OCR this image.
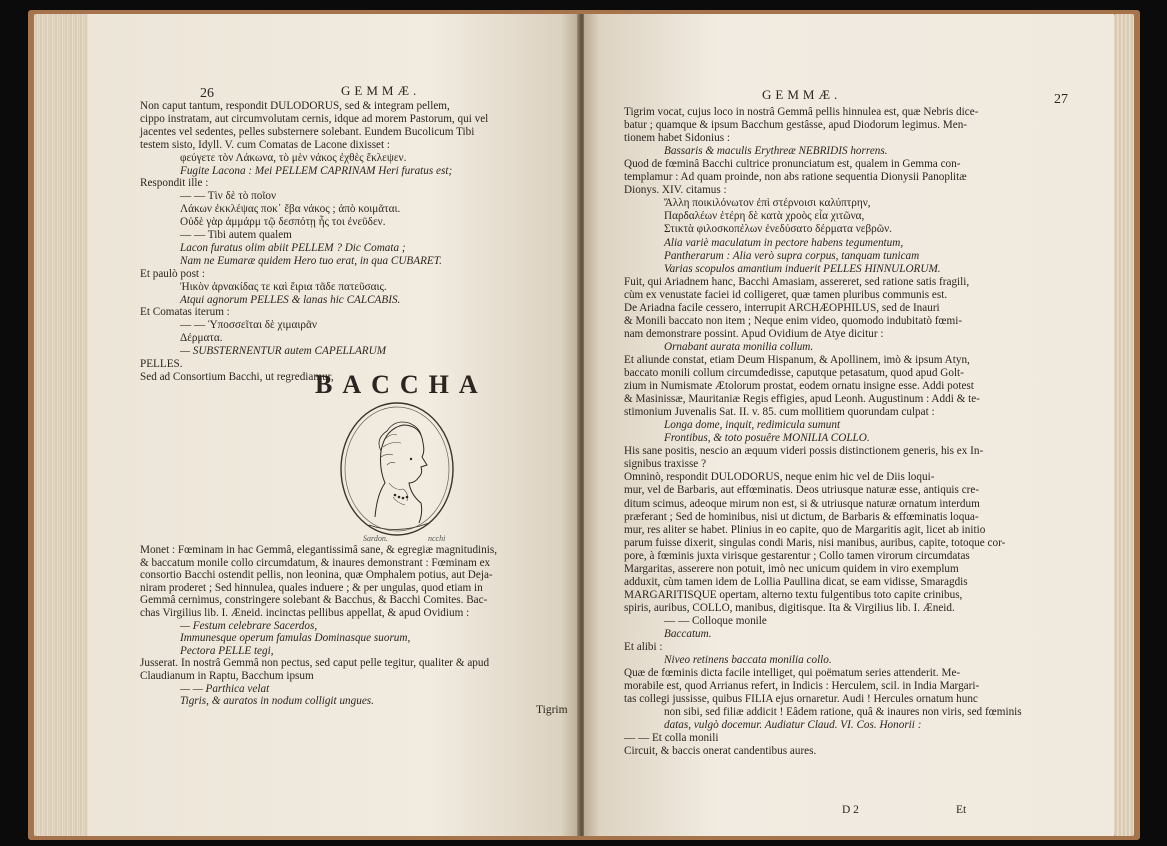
26	GEMMÆ.
Non caput tantum, respondit DULODORUS, sed & integram pellem,
cippo instratam, aut circumvolutam cernis, idque ad morem Pastorum, qui vel
jacentes vel sedentes, pelles substernere solebant. Eundem Bucolicum Tibi
testem sisto, Idyll. V. cum Comatas de Lacone dixisset :
φεύγετε τὸν Λάκωνα, τὸ μὲν νάκος ἐχθὲς ἔκλεψεν.
Fugite Lacona : Mei PELLEM CAPRINAM Heri furatus est;
Respondit ille :
— — Τὶν δὲ τὸ ποῖον
Λάκων ἐκκλέψας ποκ᾽ ἔβα νάκος ; ἀπὸ κοιμᾶται.
Οὐδὲ γὰρ ἀμμάρμ τῷ δεσπότῃ ἦς τοι ἐνεῦδεν.
— — Tibi autem qualem
Lacon furatus olim abiit PELLEM ? Dic Comata ;
Nam ne Eumaræ quidem Hero tuo erat, in qua CUBARET.
Et paulò post :
Ἠικὸν ἀρνακίδας τε καὶ ἔιρια τᾶδε πατεῦσαις.
Atqui agnorum PELLES & lanas hic CALCABIS.
Et Comatas iterum :
— — Ὑποσσεῖται δὲ χιμαιρᾶν
Δέρματα.
— SUBSTERNENTUR autem CAPELLARUM
PELLES.
Sed ad Consortium Bacchi, ut regrediamur,
BACCHA
Sardon.	ncchi
Monet : Fœminam in hac Gemmâ, elegantissimâ sane, & egregiæ magnitudinis,
& baccatum monile collo circumdatum, & inaures demonstrant : Fœminam ex
consortio Bacchi ostendit pellis, non leonina, quæ Omphalem potius, aut Deja-
niram proderet ; Sed hinnulea, quales induere ; & per ungulas, quod etiam in
Gemmâ cernimus, constringere solebant & Bacchus, & Bacchi Comites. Bac-
chas Virgilius lib. I. Æneid. incinctas pellibus appellat, & apud Ovidium :
— Festum celebrare Sacerdos,
Immunesque operum famulas Dominasque suorum,
Pectora PELLE tegi,
Jusserat. In nostrâ Gemmâ non pectus, sed caput pelle tegitur, qualiter & apud
Claudianum in Raptu, Bacchum ipsum
— — Parthica velat
Tigris, & auratos in nodum colligit ungues.
Tigrim
GEMMÆ.	27
Tigrim vocat, cujus loco in nostrâ Gemmâ pellis hinnulea est, quæ Nebris dice-
batur ; quamque & ipsum Bacchum gestâsse, apud Diodorum legimus. Men-
tionem habet Sidonius :
Bassaris & maculis Erythreæ NEBRIDIS horrens.
Quod de fœminâ Bacchi cultrice pronunciatum est, qualem in Gemma con-
templamur : Ad quam proinde, non abs ratione sequentia Dionysii Panoplitæ
Dionys. XIV. citamus :
Ἄλλη ποικιλόνωτον ἐπὶ στέρνοισι καλύπτρην,
Παρδαλέων ἑτέρη δὲ κατὰ χροὸς εἷα χιτῶνα,
Στικτὰ φιλοσκοπέλων ἐνεδύσατο δέρματα νεβρῶν.
Alia variè maculatum in pectore habens tegumentum,
Pantherarum : Alia verò supra corpus, tanquam tunicam
Varias scopulos amantium induerit PELLES HINNULORUM.
Fuit, qui Ariadnem hanc, Bacchi Amasiam, assereret, sed ratione satis fragili,
cùm ex venustate faciei id colligeret, quæ tamen pluribus communis est.
De Ariadna facile cessero, interrupit ARCHÆOPHILUS, sed de Inauri
& Monili baccato non item ; Neque enim video, quomodo indubitatò fœmi-
nam demonstrare possint. Apud Ovidium de Atye dicitur :
Ornabant aurata monilia collum.
Et aliunde constat, etiam Deum Hispanum, & Apollinem, imò & ipsum Atyn,
baccato monili collum circumdedisse, caputque petasatum, quod apud Golt-
zium in Numismate Ætolorum prostat, eodem ornatu insigne esse. Addi potest
& Masinissæ, Mauritaniæ Regis effigies, apud Leonh. Augustinum : Addi & te-
stimonium Juvenalis Sat. II. v. 85. cum mollitiem quorundam culpat :
Longa dome, inquit, redimicula sumunt
Frontibus, & toto posuêre MONILIA COLLO.
His sane positis, nescio an æquum videri possis distinctionem generis, his ex In-
signibus traxisse ?
Omninò, respondit DULODORUS, neque enim hic vel de Diis loqui-
mur, vel de Barbaris, aut effœminatis. Deos utriusque naturæ esse, antiquis cre-
ditum scimus, adeoque mirum non est, si & utriusque naturæ ornatum interdum
præferant ; Sed de hominibus, nisi ut dictum, de Barbaris & effœminatis loqua-
mur, res aliter se habet. Plinius in eo capite, quo de Margaritis agit, licet ab initio
parum fuisse dixerit, singulas condi Maris, nisi manibus, auribus, capite, totoque cor-
pore, à fœminis juxta virisque gestarentur ; Collo tamen virorum circumdatas
Margaritas, asserere non potuit, imò nec unicum quidem in viro exemplum
adduxit, cùm tamen idem de Lollia Paullina dicat, se eam vidisse, Smaragdis
MARGARITISQUE opertam, alterno textu fulgentibus toto capite crinibus,
spiris, auribus, COLLO, manibus, digitisque. Ita & Virgilius lib. I. Æneid.
— — Colloque monile
Baccatum.
Et alibi :
Niveo retinens baccata monilia collo.
Quæ de fœminis dicta facile intelliget, qui poëmatum series attenderit. Me-
morabile est, quod Arrianus refert, in Indicis : Herculem, scil. in India Margari-
tas collegi jussisse, quibus FILIA ejus ornaretur. Audi ! Hercules ornatum hunc
non sibi, sed filiæ addicit ! Eâdem ratione, quâ & inaures non viris, sed fœminis
datas, vulgò docemur. Audiatur Claud. VI. Cos. Honorii :
— — Et colla monili
Circuit, & baccis onerat candentibus aures.
D 2	Et
